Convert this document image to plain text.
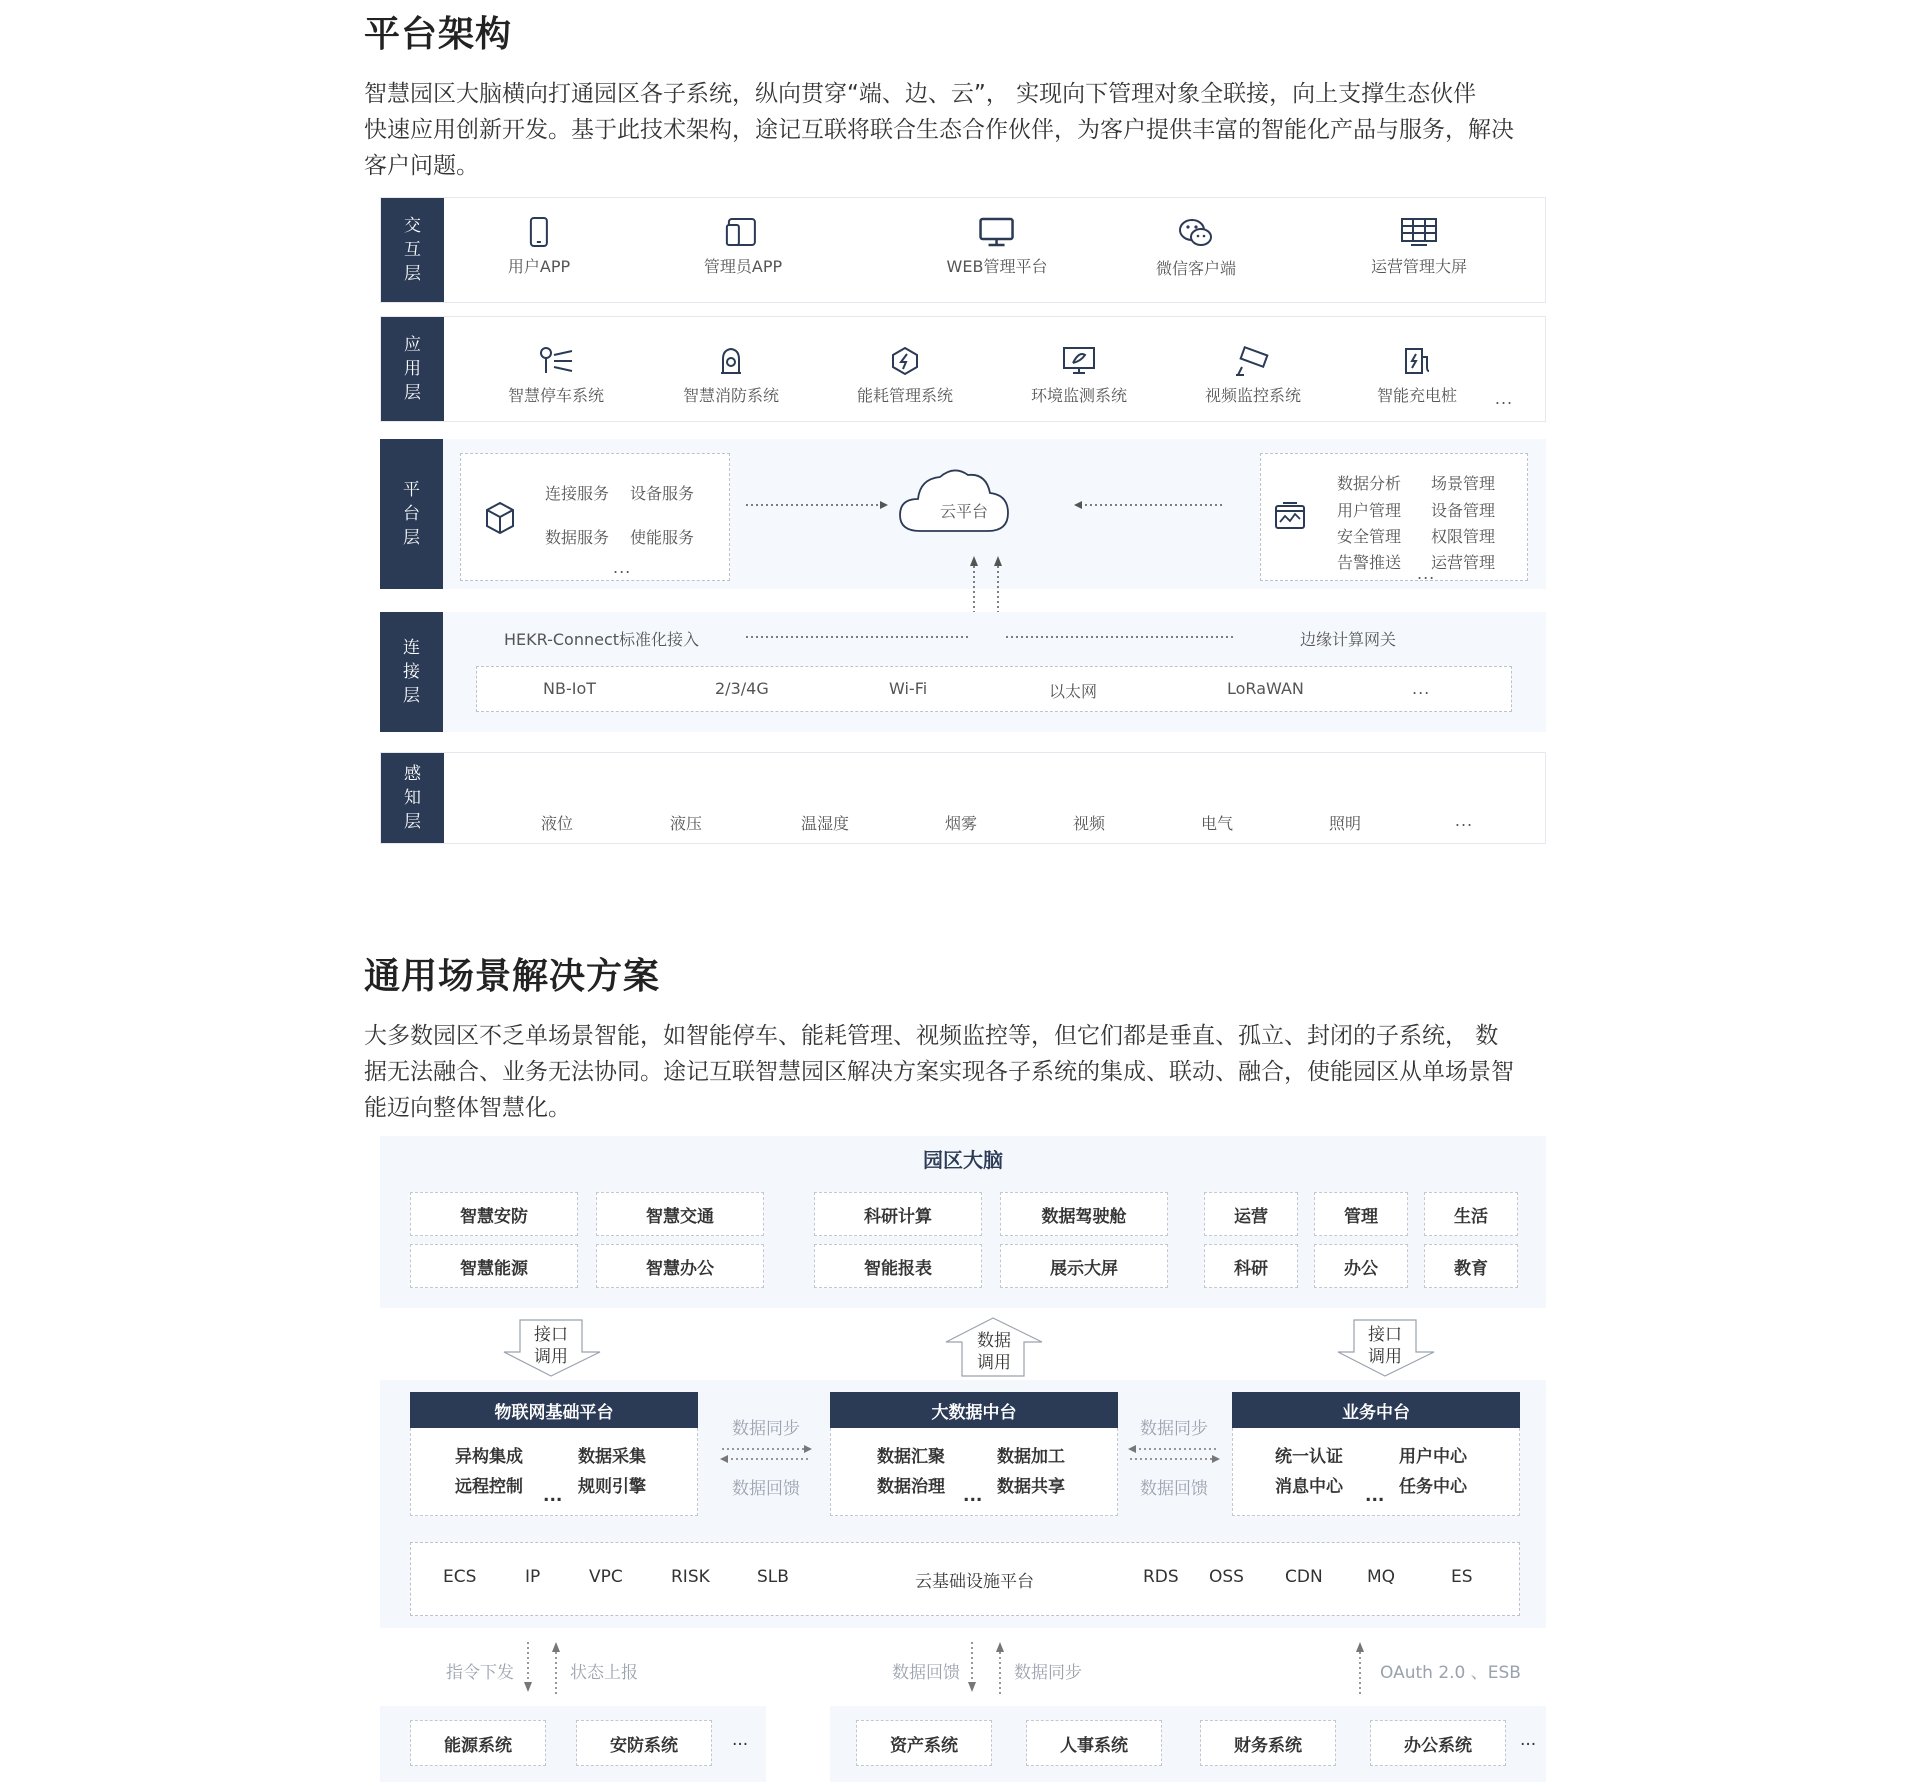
平台架构
智慧园区大脑横向打通园区各子系统，纵向贯穿“端、边、云”， 实现向下管理对象全联接，向上支撑生态伙伴
快速应用创新开发。基于此技术架构，途记互联将联合生态合作伙伴，为客户提供丰富的智能化产品与服务，解决
客户问题。
交
互
层	用户APP	管理员APP	WEB管理平台	微信客户端	运营管理大屏
应
用
层	智慧停车系统	智慧消防系统	能耗管理系统	环境监测系统	视频监控系统	智能充电桩 ...
平
台
层
连接服务 设备服务
数据服务 使能服务
...
云平台
数据分析 场景管理
用户管理 设备管理
安全管理 权限管理
告警推送 运营管理
...
连
接
层
HEKR-Connect标准化接入	边缘计算网关
NB-IoT	2/3/4G	Wi-Fi	以太网	LoRaWAN	...
感
知
层	液位	液压	温湿度	烟雾	视频	电气	照明	...
通用场景解决方案
大多数园区不乏单场景智能，如智能停车、能耗管理、视频监控等，但它们都是垂直、孤立、封闭的子系统， 数
据无法融合、业务无法协同。途记互联智慧园区解决方案实现各子系统的集成、联动、融合，使能园区从单场景智
能迈向整体智慧化。
园区大脑
智慧安防	智慧交通
智慧能源	智慧办公
科研计算	数据驾驶舱
智能报表	展示大屏
运营	管理	生活
科研	办公	教育
接口
调用
数据
调用
接口
调用
物联网基础平台
异构集成	数据采集
远程控制	规则引擎
...
数据同步
数据回馈
大数据中台
数据汇聚	数据加工
数据治理	数据共享
...
数据同步
数据回馈
业务中台
统一认证	用户中心
消息中心	任务中心
...
ECS	IP	VPC	RISK	SLB	云基础设施平台	RDS OSS CDN	MQ	ES
指令下发	状态上报	数据回馈	数据同步	OAuth 2.0 、ESB
能源系统	安防系统	...	资产系统	人事系统	财务系统	办公系统	...
